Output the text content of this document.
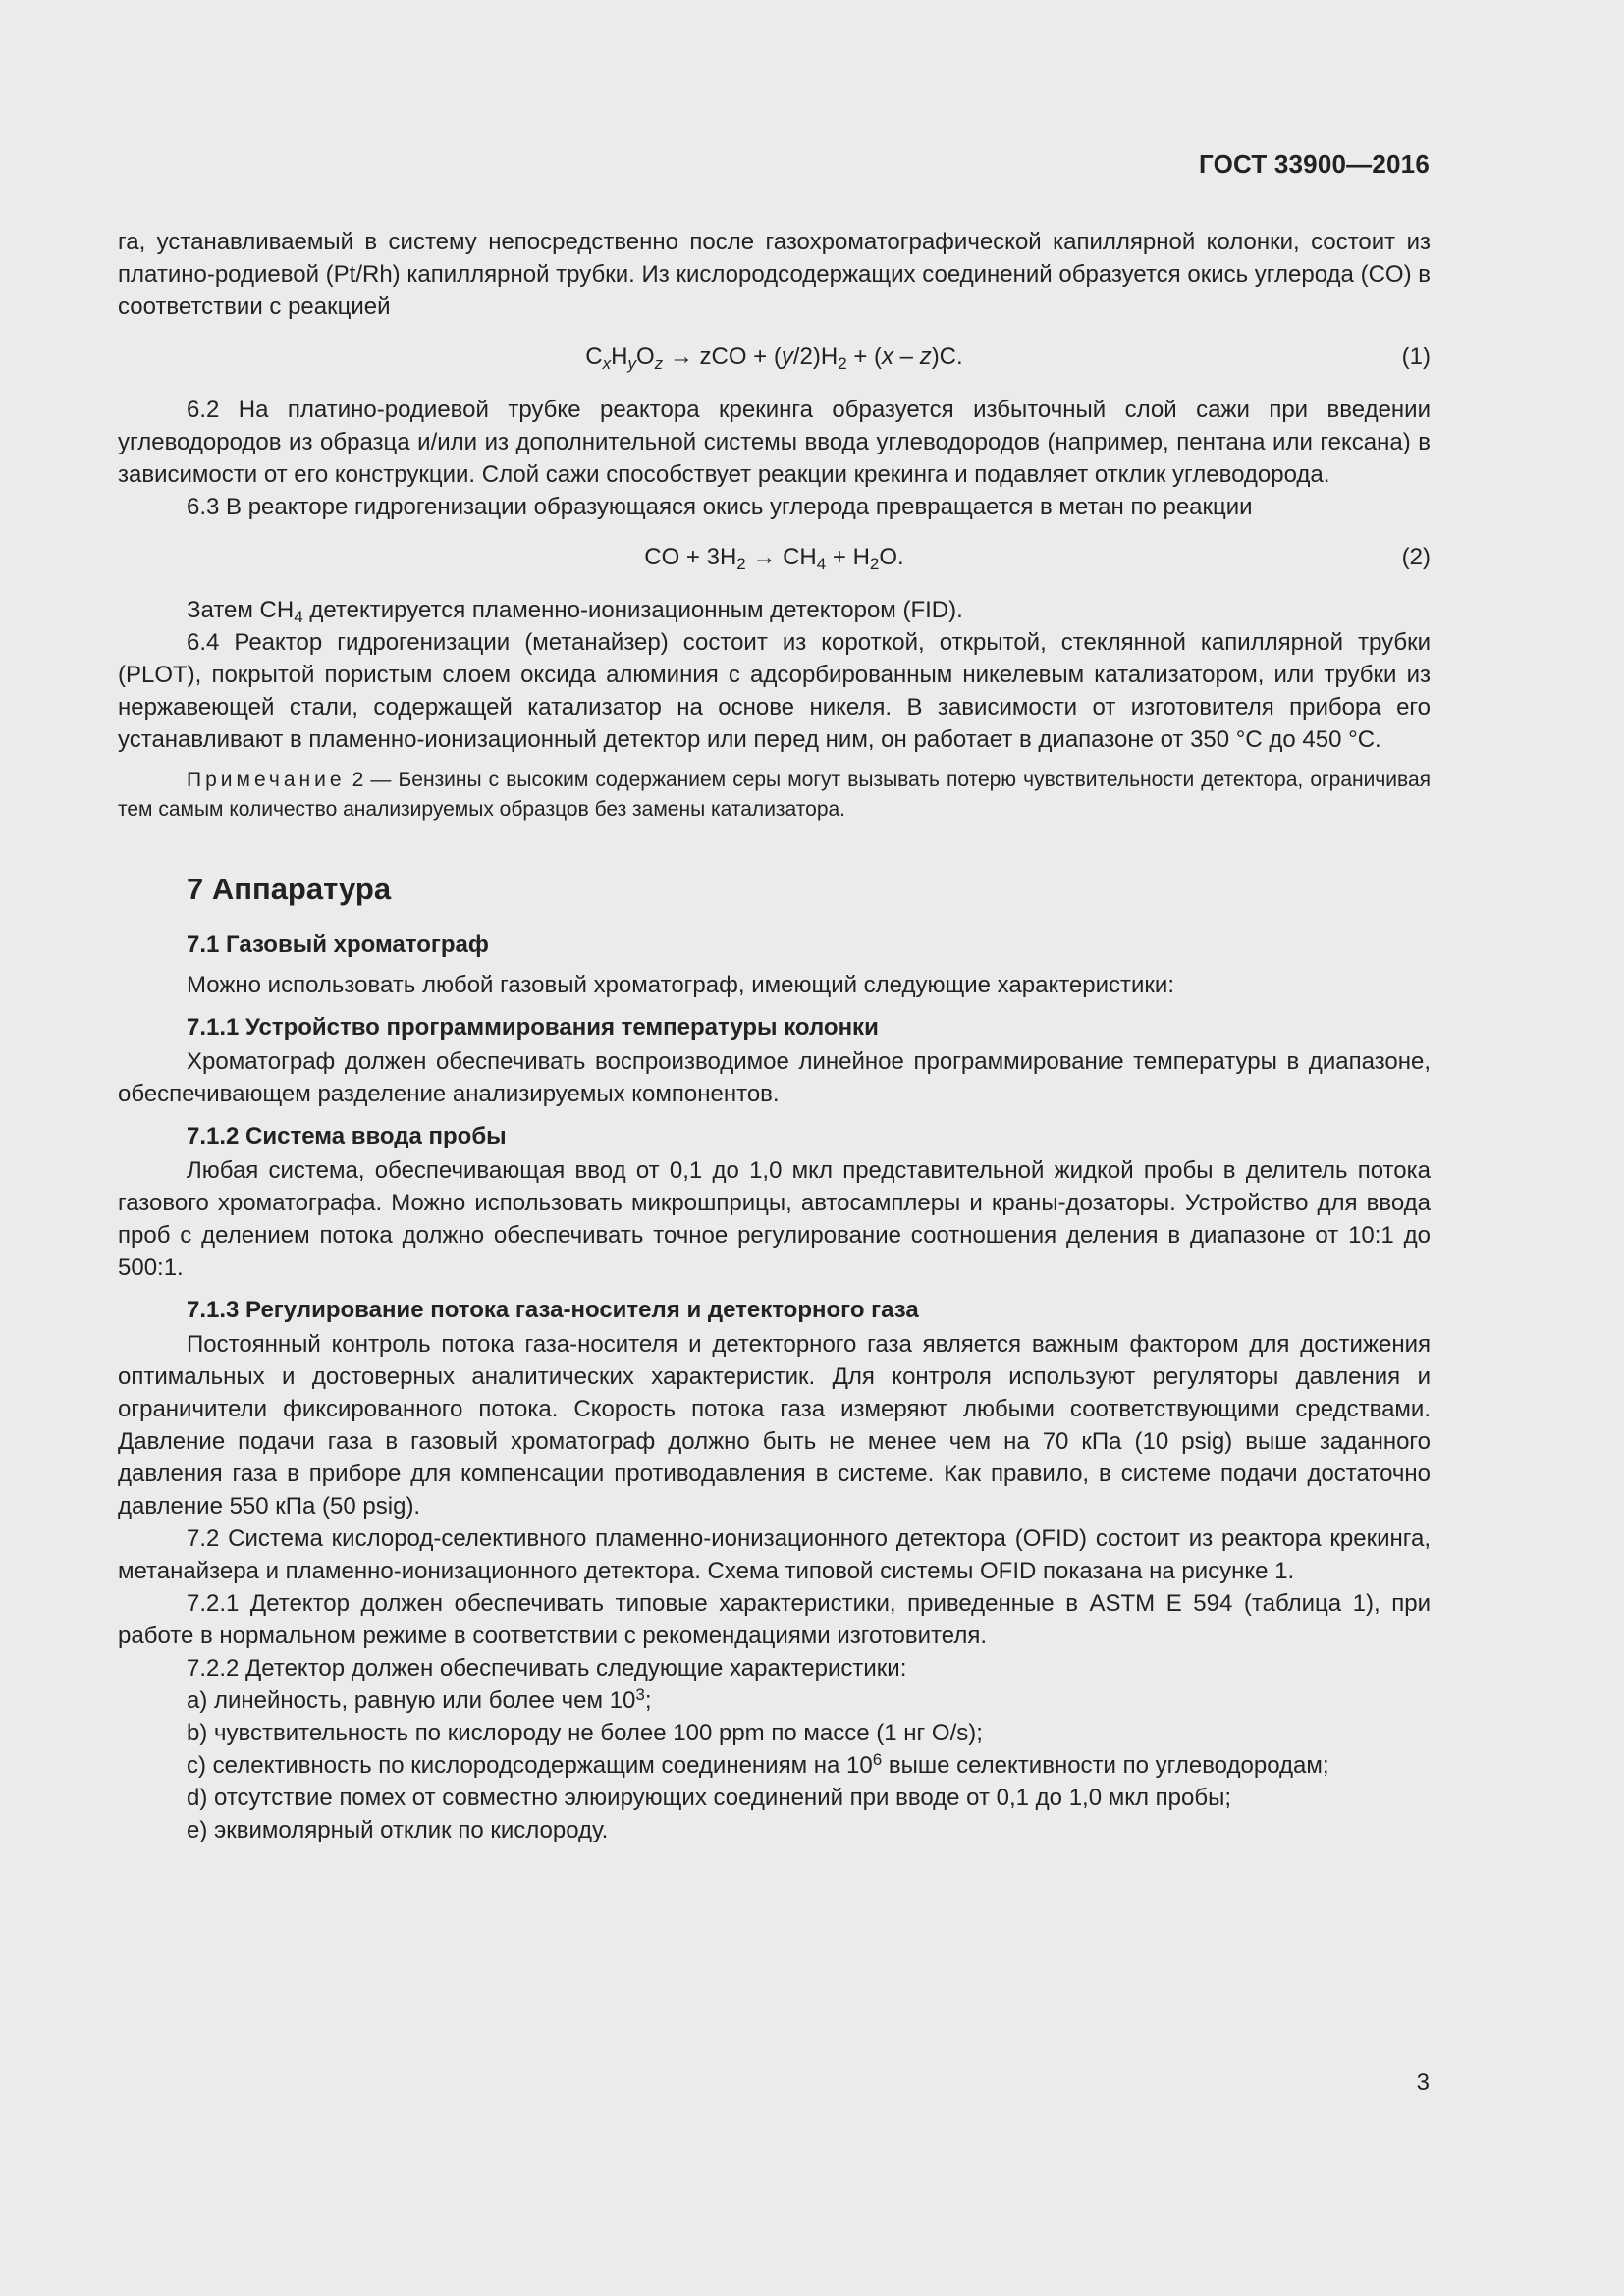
ГОСТ 33900—2016

га, устанавливаемый в систему непосредственно после газохроматографической капиллярной колонки, состоит из платино-родиевой (Pt/Rh) капиллярной трубки. Из кислородсодержащих соединений образуется окись углерода (CO) в соответствии с реакцией

$C_xH_yO_z$ → zCO + $(y/2)H_2 + (x - z)C$.	(1)

6.2 На платино-родиевой трубке реактора крекинга образуется избыточный слой сажи при введении углеводородов из образца и/или из дополнительной системы ввода углеводородов (например, пентана или гексана) в зависимости от его конструкции. Слой сажи способствует реакции крекинга и подавляет отклик углеводорода.

6.3 В реакторе гидрогенизации образующаяся окись углерода превращается в метан по реакции

CO + $3H_2 \to CH_4 + H_2O$.	(2)

Затем $CH_4$ детектируется пламенно-ионизационным детектором (FID).

6.4 Реактор гидрогенизации (метанайзер) состоит из короткой, открытой, стеклянной капиллярной трубки (PLOT), покрытой пористым слоем оксида алюминия с адсорбированным никелевым катализатором, или трубки из нержавеющей стали, содержащей катализатор на основе никеля. В зависимости от изготовителя прибора его устанавливают в пламенно-ионизационный детектор или перед ним, он работает в диапазоне от 350 °C до 450 °C.

Примечание 2 — Бензины с высоким содержанием серы могут вызывать потерю чувствительности детектора, ограничивая тем самым количество анализируемых образцов без замены катализатора.

7 Аппаратура
7.1 Газовый хроматограф

Можно использовать любой газовый хроматограф, имеющий следующие характеристики:

7.1.1 Устройство программирования температуры колонки

Хроматограф должен обеспечивать воспроизводимое линейное программирование температуры в диапазоне, обеспечивающем разделение анализируемых компонентов.

7.1.2 Система ввода пробы

Любая система, обеспечивающая ввод от 0,1 до 1,0 мкл представительной жидкой пробы в делитель потока газового хроматографа. Можно использовать микрошприцы, автосамплеры и краны-дозаторы. Устройство для ввода проб с делением потока должно обеспечивать точное регулирование соотношения деления в диапазоне от 10:1 до 500:1.

7.1.3 Регулирование потока газа-носителя и детекторного газа

Постоянный контроль потока газа-носителя и детекторного газа является важным фактором для достижения оптимальных и достоверных аналитических характеристик. Для контроля используют регуляторы давления и ограничители фиксированного потока. Скорость потока газа измеряют любыми соответствующими средствами. Давление подачи газа в газовый хроматограф должно быть не менее чем на 70 кПа (10 psig) выше заданного давления газа в приборе для компенсации противодавления в системе. Как правило, в системе подачи достаточно давление 550 кПа (50 psig).

7.2 Система кислород-селективного пламенно-ионизационного детектора (OFID) состоит из реактора крекинга, метанайзера и пламенно-ионизационного детектора. Схема типовой системы OFID показана на рисунке 1.

7.2.1 Детектор должен обеспечивать типовые характеристики, приведенные в ASTM E 594 (таблица 1), при работе в нормальном режиме в соответствии с рекомендациями изготовителя.

7.2.2 Детектор должен обеспечивать следующие характеристики:

a) линейность, равную или более чем $10^3$;

b) чувствительность по кислороду не более 100 ppm по массе (1 нг O/s);

c) селективность по кислородсодержащим соединениям на $10^6$ выше селективности по углеводородам;

d) отсутствие помех от совместно элюирующих соединений при вводе от 0,1 до 1,0 мкл пробы;

e) эквимолярный отклик по кислороду.

3
